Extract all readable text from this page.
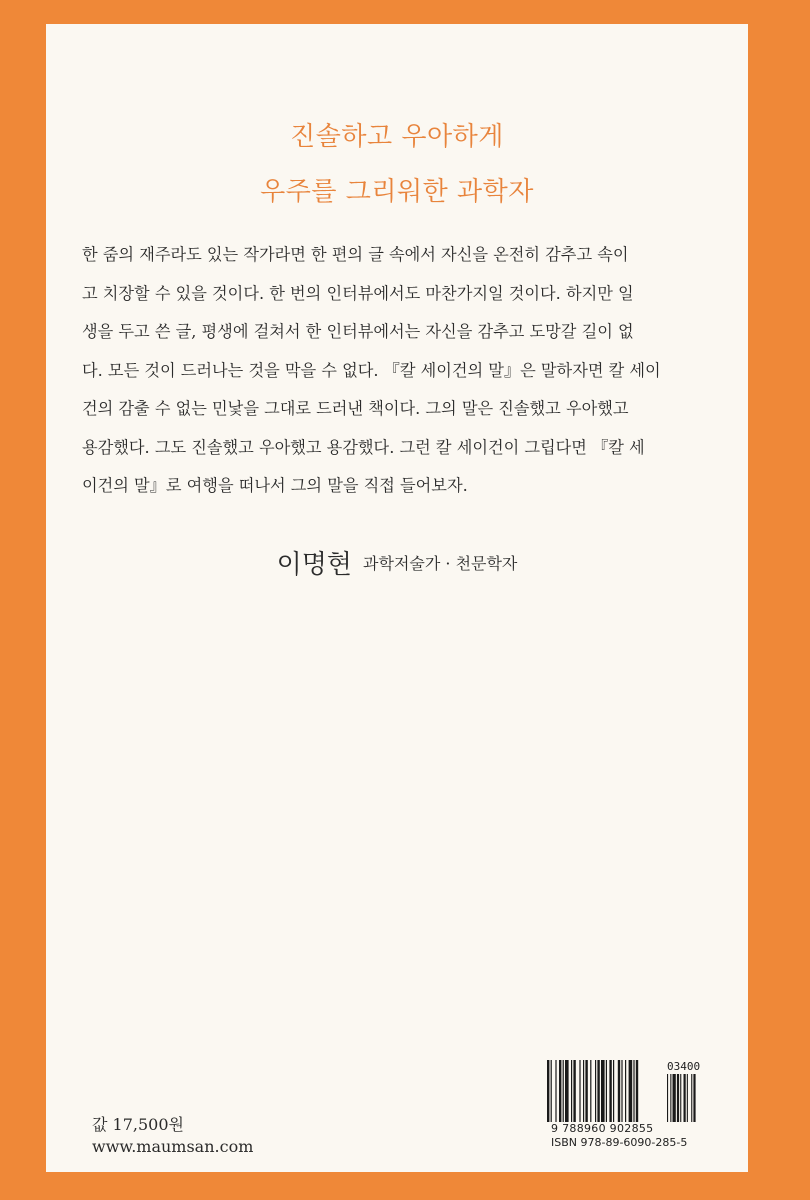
진솔하고 우아하게
우주를 그리워한 과학자
한 줌의 재주라도 있는 작가라면 한 편의 글 속에서 자신을 온전히 감추고 속이
고 치장할 수 있을 것이다. 한 번의 인터뷰에서도 마찬가지일 것이다. 하지만 일
생을 두고 쓴 글, 평생에 걸쳐서 한 인터뷰에서는 자신을 감추고 도망갈 길이 없
다. 모든 것이 드러나는 것을 막을 수 없다. 『칼 세이건의 말』은 말하자면 칼 세이
건의 감출 수 없는 민낯을 그대로 드러낸 책이다. 그의 말은 진솔했고 우아했고
용감했다. 그도 진솔했고 우아했고 용감했다. 그런 칼 세이건이 그립다면 『칼 세
이건의 말』로 여행을 떠나서 그의 말을 직접 들어보자.
이명현 과학저술가 · 천문학자
값 17,500원
www.maumsan.com
03400
9 788960 902855
ISBN 978-89-6090-285-5
